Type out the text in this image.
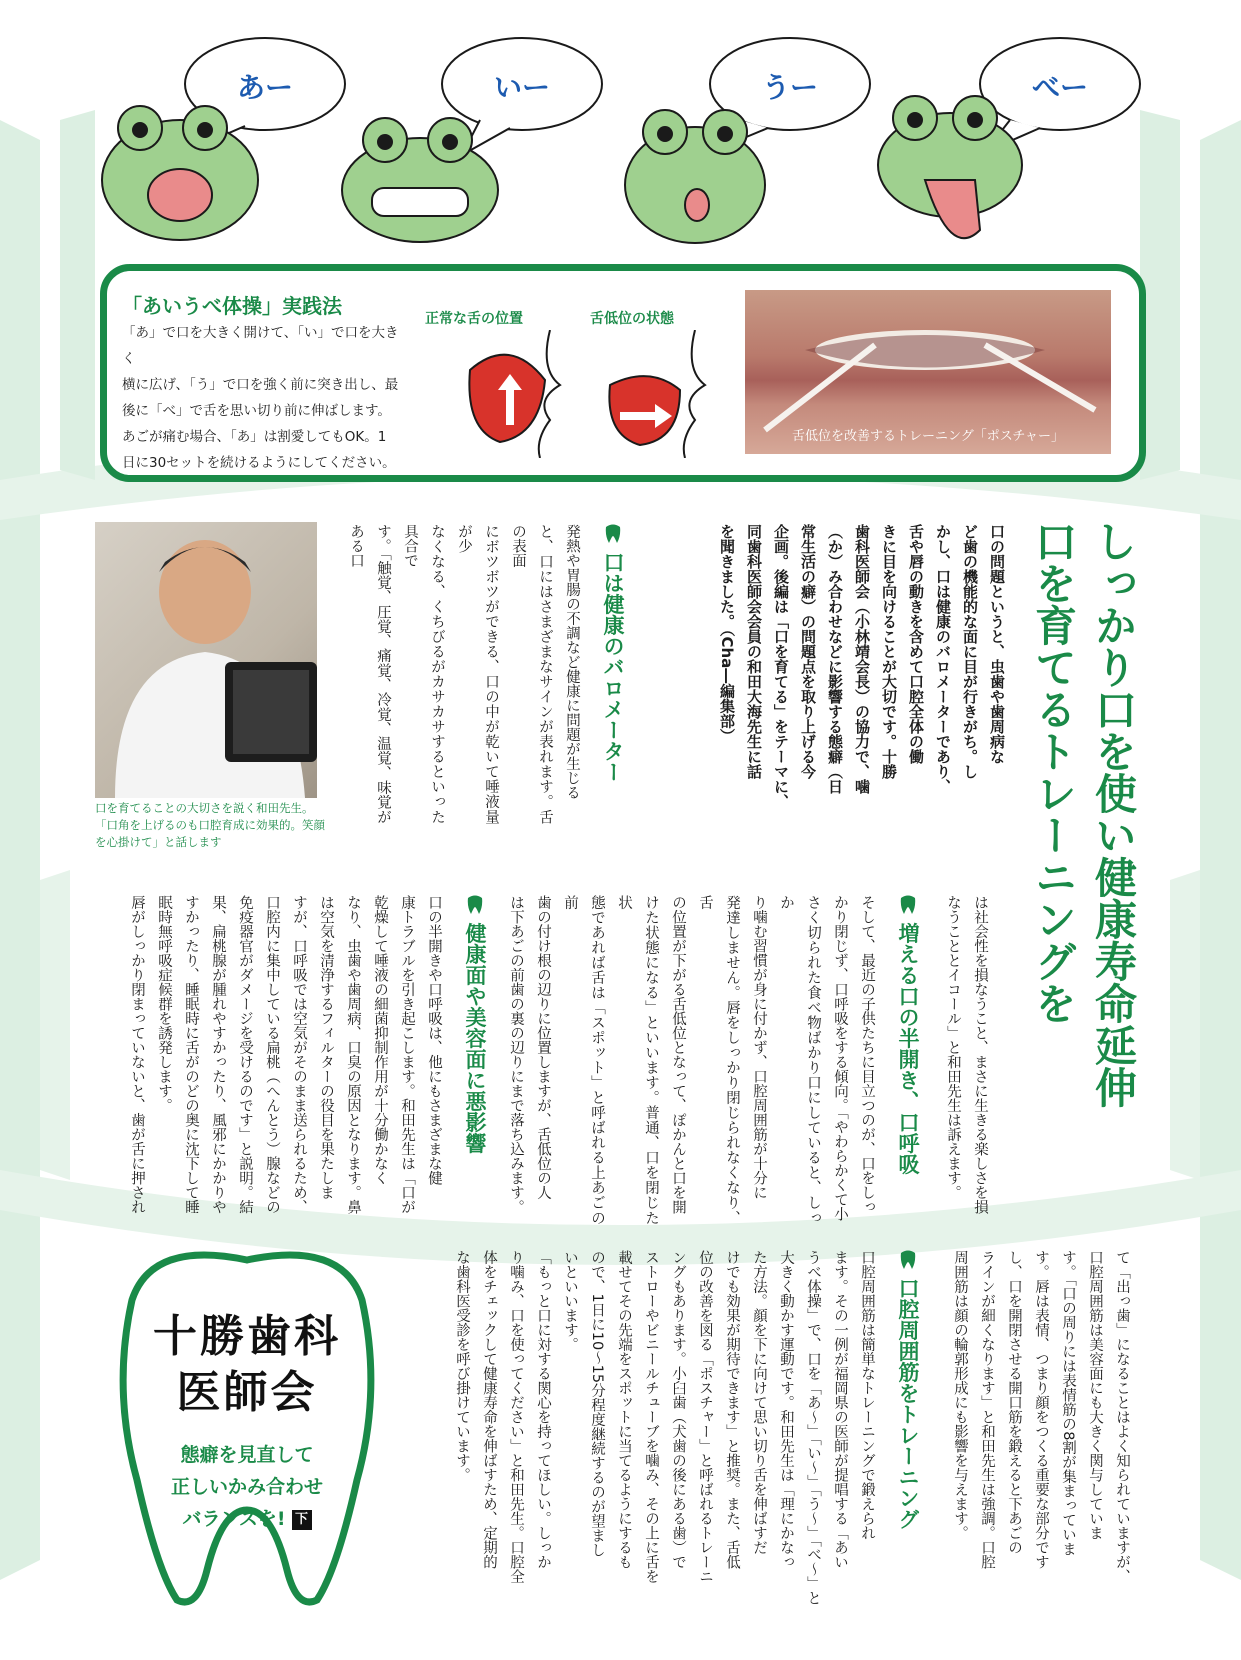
あー	いー	うー	べー
「あいうべ体操」実践法
「あ」で口を大きく開けて、「い」で口を大きく
横に広げ、「う」で口を強く前に突き出し、最
後に「べ」で舌を思い切り前に伸ばします。
あごが痛む場合、「あ」は割愛してもOK。1
日に30セットを続けるようにしてください。
正常な舌の位置	舌低位の状態
舌低位を改善するトレーニング「ポスチャー」
しっかり口を使い健康寿命延伸
口を育てるトレーニングを
口の問題というと、虫歯や歯周病な
ど歯の機能的な面に目が行きがち。し
かし、口は健康のバロメーターであり、
舌や唇の動きを含めて口腔全体の働
きに目を向けることが大切です。十勝
歯科医師会（小林靖会長）の協力で、噛
（か）み合わせなどに影響する態癖（日
常生活の癖）の問題点を取り上げる今
企画。後編は「口を育てる」をテーマに、
同歯科医師会会員の和田大海先生に話
を聞きました。（Cha―編集部）
口は健康のバロメーター
発熱や胃腸の不調など健康に問題が生じる
と、口にはさまざまなサインが表れます。舌の表面
にボツボツができる、口の中が乾いて唾液量が少
なくなる、くちびるがカサカサするといった具合で
す。「触覚、圧覚、痛覚、冷覚、温覚、味覚がある口

口を育てることの大切さを説く和田先生。「口角を上げるのも口腔育成に効果的。笑顔を心掛けて」と話します
は社会性を損なうこと、まさに生きる楽しさを損
なうこととイコール」と和田先生は訴えます。
増える口の半開き、口呼吸
そして、最近の子供たちに目立つのが、口をしっ
かり閉じず、口呼吸をする傾向。「やわらかくて小
さく切られた食べ物ばかり口にしていると、しっか
り噛む習慣が身に付かず、口腔周囲筋が十分に
発達しません。唇をしっかり閉じられなくなり、舌
の位置が下がる舌低位となって、ぽかんと口を開
けた状態になる」といいます。普通、口を閉じた状
態であれば舌は「スポット」と呼ばれる上あごの前
歯の付け根の辺りに位置しますが、舌低位の人
は下あごの前歯の裏の辺りにまで落ち込みます。

健康面や美容面に悪影響
口の半開きや口呼吸は、他にもさまざまな健
康トラブルを引き起こします。和田先生は「口が
乾燥して唾液の細菌抑制作用が十分働かなく
なり、虫歯や歯周病、口臭の原因となります。鼻
は空気を清浄するフィルターの役目を果たしま
すが、口呼吸では空気がそのまま送られるため、
口腔内に集中している扁桃（へんとう）腺などの
免疫器官がダメージを受けるのです」と説明。結
果、扁桃腺が腫れやすかったり、風邪にかかりや
すかったり、睡眠時に舌がのどの奥に沈下して睡
眠時無呼吸症候群を誘発します。
唇がしっかり閉まっていないと、歯が舌に押され
て「出っ歯」になることはよく知られていますが、
口腔周囲筋は美容面にも大きく関与していま
す。「口の周りには表情筋の8割が集まっていま
す。唇は表情、つまり顔をつくる重要な部分です
し、口を開閉させる開口筋を鍛えると下あごの
ラインが細くなります」と和田先生は強調。口腔
周囲筋は顔の輪郭形成にも影響を与えます。
口腔周囲筋をトレーニング
口腔周囲筋は簡単なトレーニングで鍛えられ
ます。その一例が福岡県の医師が提唱する「あい
うべ体操」で、口を「あ～」「い～」「う～」「べ～」と
大きく動かす運動です。和田先生は「理にかなっ
た方法。顔を下に向けて思い切り舌を伸ばすだ
けでも効果が期待できます」と推奨。また、舌低
位の改善を図る「ポスチャー」と呼ばれるトレーニ
ングもあります。小臼歯（犬歯の後にある歯）で
ストローやビニールチューブを噛み、その上に舌を
載せてその先端をスポットに当てるようにするも
ので、1日に10～15分程度継続するのが望まし
いといいます。
「もっと口に対する関心を持ってほしい。しっか
り噛み、口を使ってください」と和田先生。口腔全
体をチェックして健康寿命を伸ばすため、定期的
な歯科医受診を呼び掛けています。
十勝歯科
医師会
態癖を見直して
正しいかみ合わせ
バランスを! 下
